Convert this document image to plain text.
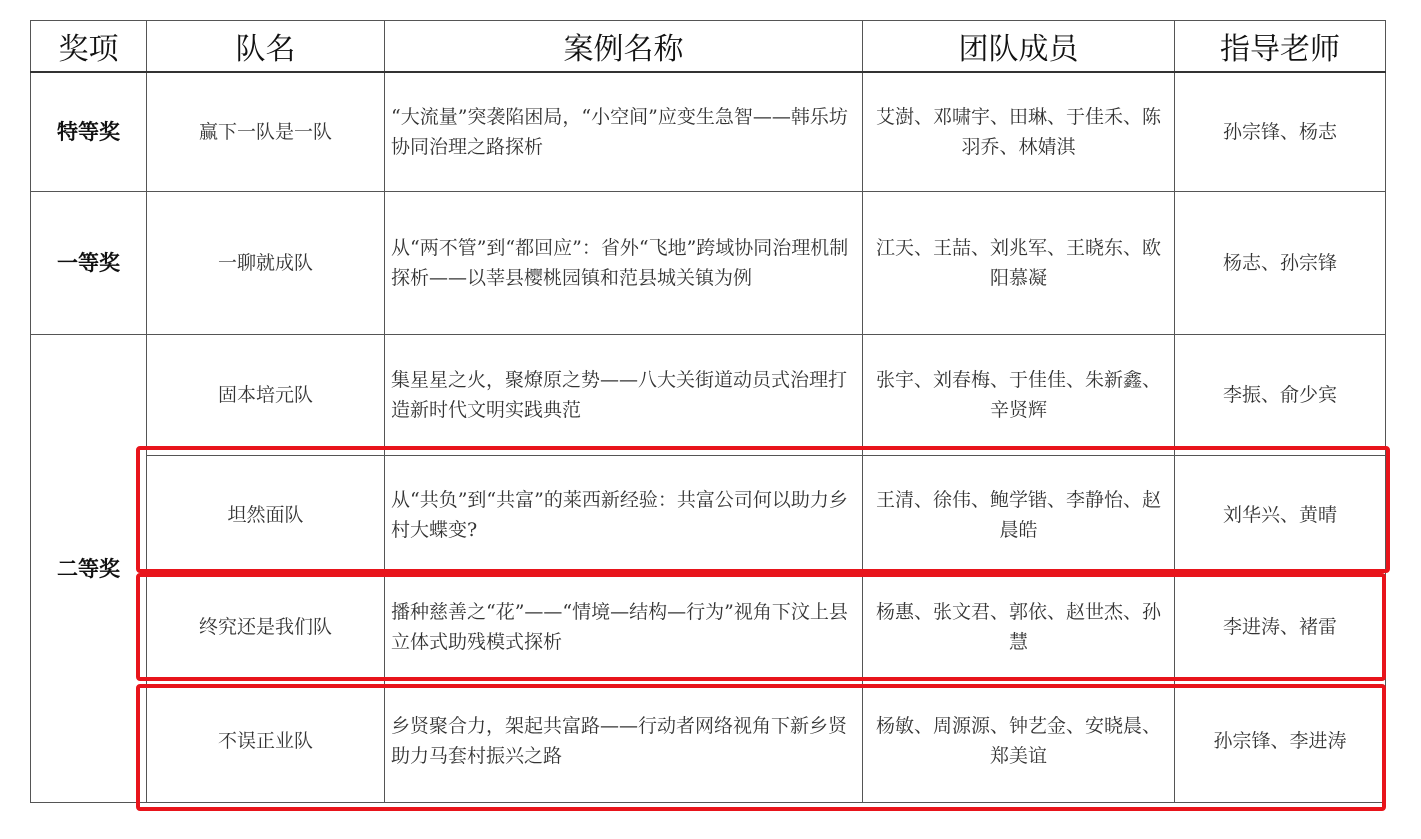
奖项	队名	案例名称	团队成员	指导老师
特等奖	赢下一队是一队	“大流量”突袭陷困局，“小空间”应变生急智——韩乐坊协同治理之路探析	艾澍、邓啸宇、田琳、于佳禾、陈羽乔、林婧淇	孙宗锋、杨志
一等奖	一聊就成队	从“两不管”到“都回应”：省外“飞地”跨域协同治理机制探析——以莘县樱桃园镇和范县城关镇为例	江天、王喆、刘兆军、王晓东、欧阳慕凝	杨志、孙宗锋
二等奖	固本培元队	集星星之火，聚燎原之势——八大关街道动员式治理打造新时代文明实践典范	张宇、刘春梅、于佳佳、朱新鑫、辛贤辉	李振、俞少宾
	坦然面队	从“共负”到“共富”的莱西新经验：共富公司何以助力乡村大蝶变?	王清、徐伟、鲍学锴、李静怡、赵晨皓	刘华兴、黄晴
	终究还是我们队	播种慈善之“花”——“情境—结构—行为”视角下汶上县立体式助残模式探析	杨惠、张文君、郭依、赵世杰、孙慧	李进涛、褚雷
	不误正业队	乡贤聚合力，架起共富路——行动者网络视角下新乡贤助力马套村振兴之路	杨敏、周源源、钟艺金、安晓晨、郑美谊	孙宗锋、李进涛
